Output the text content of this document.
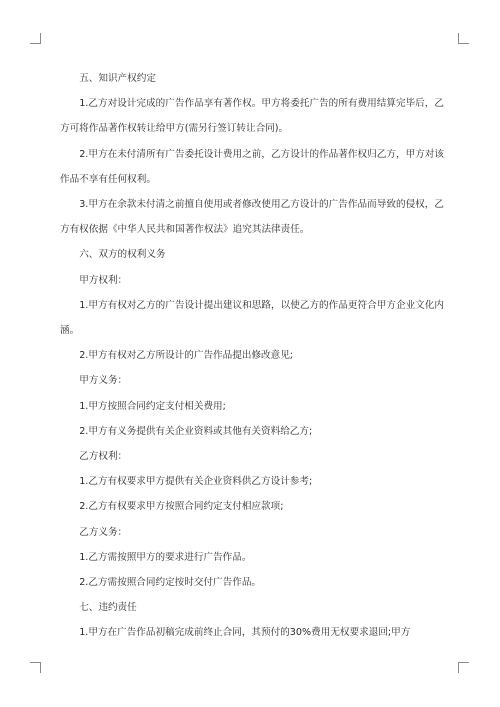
五、知识产权约定

1.乙方对设计完成的广告作品享有著作权。甲方将委托广告的所有费用结算完毕后，乙方可将作品著作权转让给甲方(需另行签订转让合同)。

2.甲方在未付清所有广告委托设计费用之前，乙方设计的作品著作权归乙方，甲方对该作品不享有任何权利。

3.甲方在余款未付清之前擅自使用或者修改使用乙方设计的广告作品而导致的侵权，乙方有权依据《中华人民共和国著作权法》追究其法律责任。

六、双方的权利义务

甲方权利：

1.甲方有权对乙方的广告设计提出建议和思路，以使乙方的作品更符合甲方企业文化内涵。

2.甲方有权对乙方所设计的广告作品提出修改意见;

甲方义务：

1.甲方按照合同约定支付相关费用;

2.甲方有义务提供有关企业资料或其他有关资料给乙方;

乙方权利：

1.乙方有权要求甲方提供有关企业资料供乙方设计参考;

2.乙方有权要求甲方按照合同约定支付相应款项;

乙方义务：

1.乙方需按照甲方的要求进行广告作品。

2.乙方需按照合同约定按时交付广告作品。

七、违约责任

1.甲方在广告作品初稿完成前终止合同，其预付的30%费用无权要求退回;甲方
